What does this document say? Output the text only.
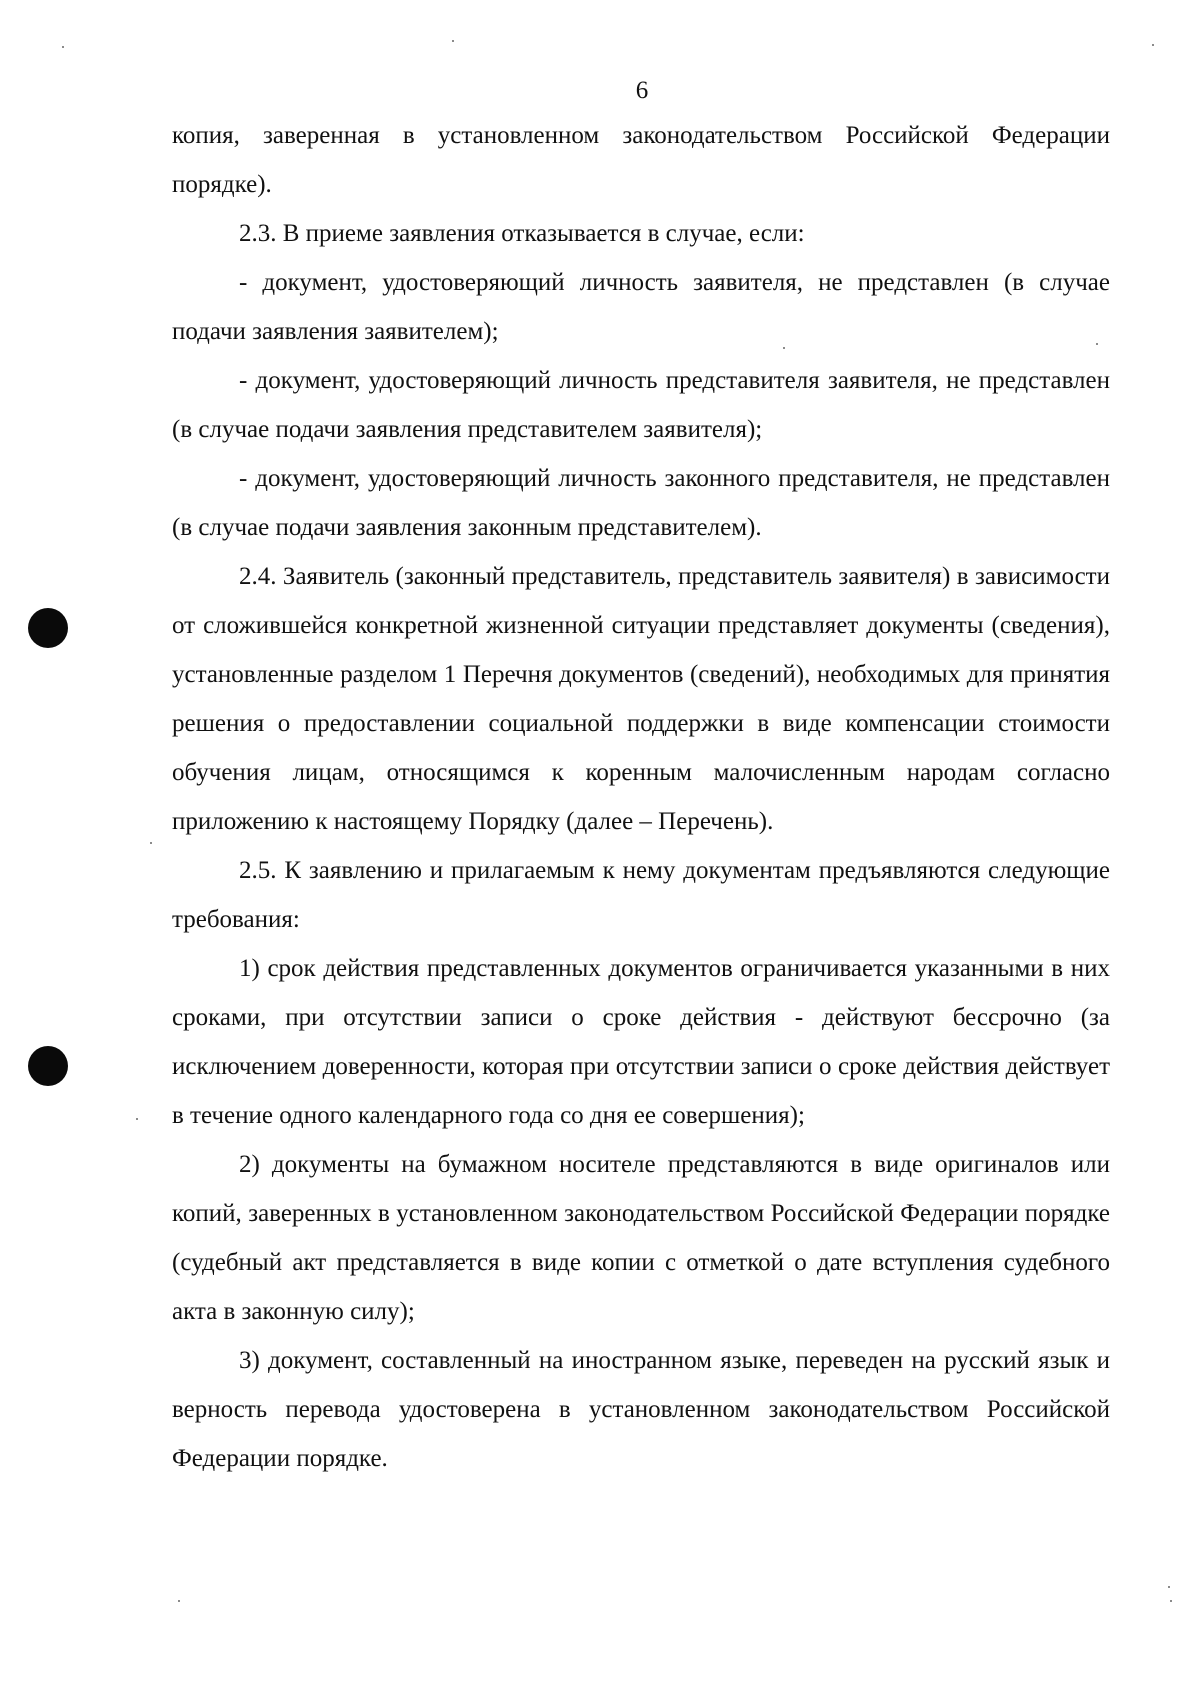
6

копия, заверенная в установленном законодательством Российской Федерации порядке).

2.3. В приеме заявления отказывается в случае, если:

- документ, удостоверяющий личность заявителя, не представлен (в случае подачи заявления заявителем);

- документ, удостоверяющий личность представителя заявителя, не представлен (в случае подачи заявления представителем заявителя);

- документ, удостоверяющий личность законного представителя, не представлен (в случае подачи заявления законным представителем).

2.4. Заявитель (законный представитель, представитель заявителя) в зависимости от сложившейся конкретной жизненной ситуации представляет документы (сведения), установленные разделом 1 Перечня документов (сведений), необходимых для принятия решения о предоставлении социальной поддержки в виде компенсации стоимости обучения лицам, относящимся к коренным малочисленным народам согласно приложению к настоящему Порядку (далее – Перечень).

2.5. К заявлению и прилагаемым к нему документам предъявляются следующие требования:

1) срок действия представленных документов ограничивается указанными в них сроками, при отсутствии записи о сроке действия - действуют бессрочно (за исключением доверенности, которая при отсутствии записи о сроке действия действует в течение одного календарного года со дня ее совершения);

2) документы на бумажном носителе представляются в виде оригиналов или копий, заверенных в установленном законодательством Российской Федерации порядке (судебный акт представляется в виде копии с отметкой о дате вступления судебного акта в законную силу);

3) документ, составленный на иностранном языке, переведен на русский язык и верность перевода удостоверена в установленном законодательством Российской Федерации порядке.
